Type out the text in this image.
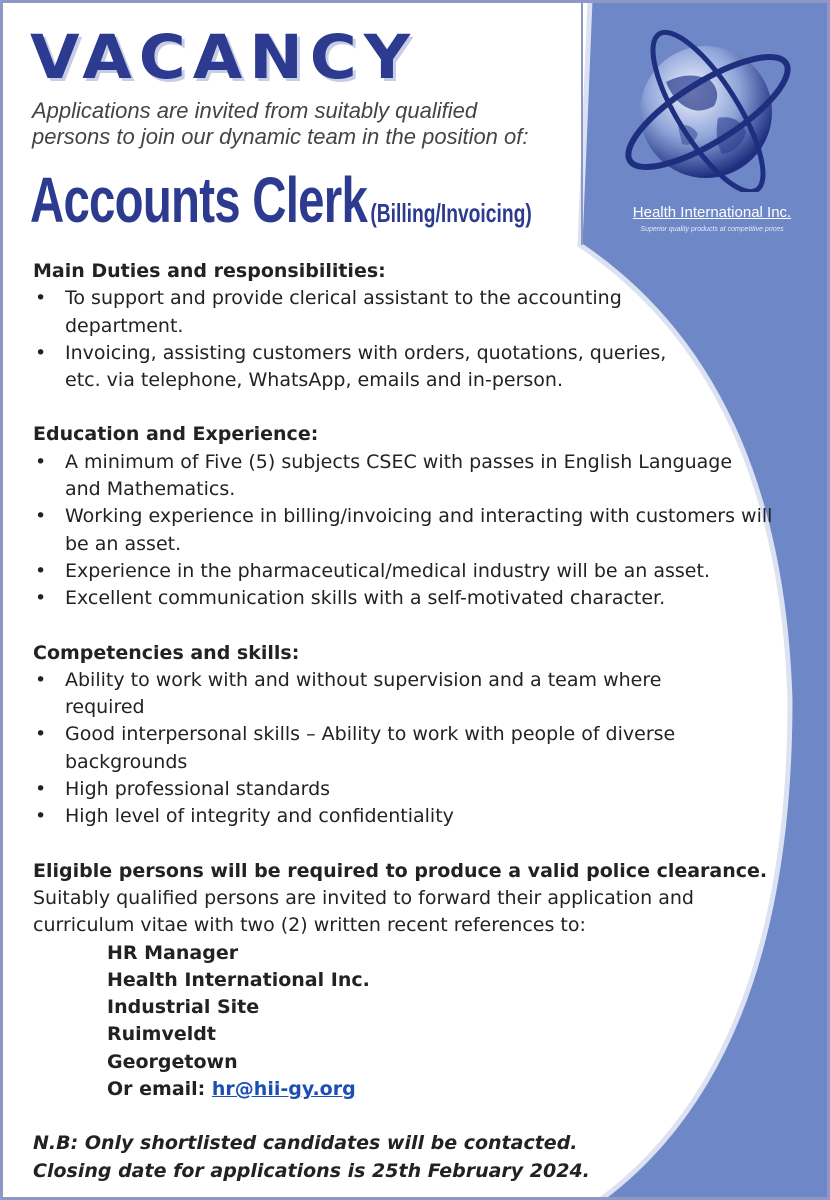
Health International Inc.
Superior quality products at competitive prices
VACANCY
Applications are invited from suitably qualified persons to join our dynamic team in the position of:
Accounts Clerk (Billing/Invoicing)
Main Duties and responsibilities:
• To support and provide clerical assistant to the accounting department.
• Invoicing, assisting customers with orders, quotations, queries, etc. via telephone, WhatsApp, emails and in-person.
Education and Experience:
• A minimum of Five (5) subjects CSEC with passes in English Language and Mathematics.
• Working experience in billing/invoicing and interacting with customers will be an asset.
• Experience in the pharmaceutical/medical industry will be an asset.
• Excellent communication skills with a self-motivated character.
Competencies and skills:
• Ability to work with and without supervision and a team where required
• Good interpersonal skills – Ability to work with people of diverse backgrounds
• High professional standards
• High level of integrity and confidentiality
Eligible persons will be required to produce a valid police clearance.
Suitably qualified persons are invited to forward their application and curriculum vitae with two (2) written recent references to:
HR Manager
Health International Inc.
Industrial Site
Ruimveldt
Georgetown
Or email: hr@hii-gy.org
N.B: Only shortlisted candidates will be contacted.
Closing date for applications is 25th February 2024.
